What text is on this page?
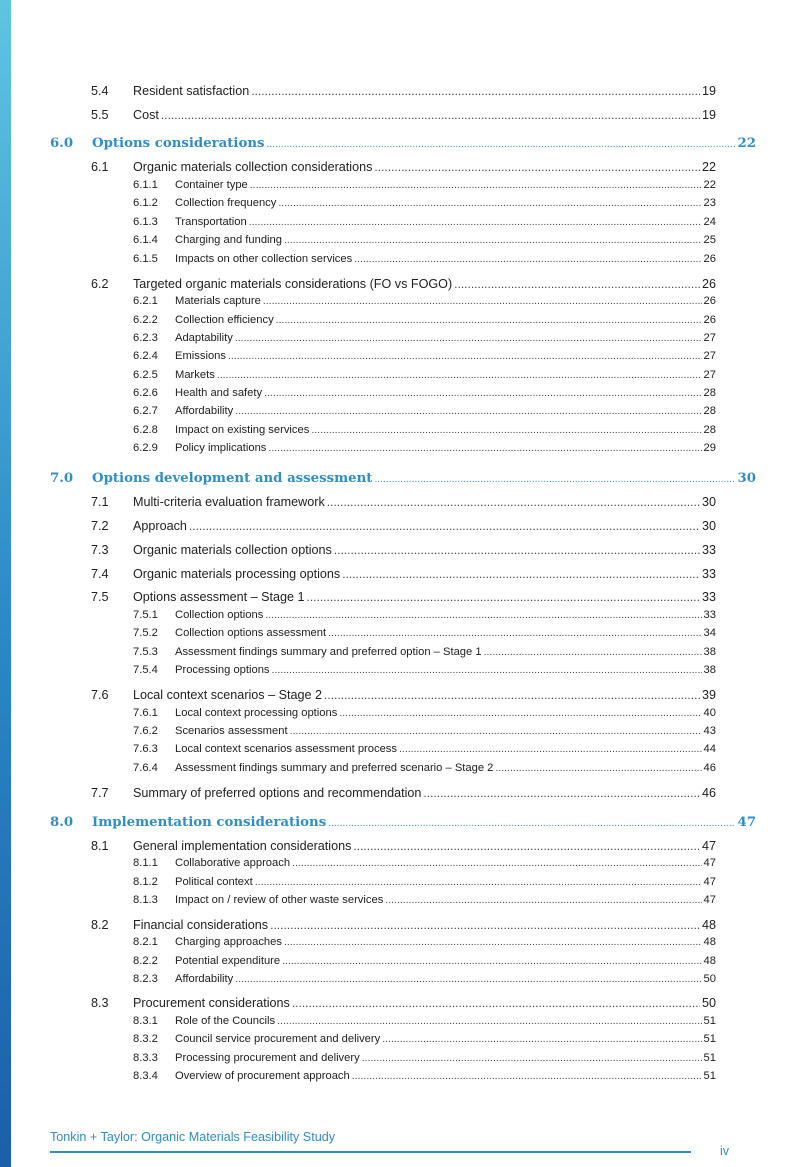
5.4	Resident satisfaction .....	19
5.5	Cost .....	19
6.0	Options considerations .....	22
6.1	Organic materials collection considerations .....	22
6.1.1	Container type .....	22
6.1.2	Collection frequency .....	23
6.1.3	Transportation .....	24
6.1.4	Charging and funding .....	25
6.1.5	Impacts on other collection services .....	26
6.2	Targeted organic materials considerations (FO vs FOGO) .....	26
6.2.1	Materials capture .....	26
6.2.2	Collection efficiency .....	26
6.2.3	Adaptability .....	27
6.2.4	Emissions .....	27
6.2.5	Markets .....	27
6.2.6	Health and safety .....	28
6.2.7	Affordability .....	28
6.2.8	Impact on existing services .....	28
6.2.9	Policy implications .....	29
7.0	Options development and assessment .....	30
7.1	Multi-criteria evaluation framework .....	30
7.2	Approach .....	30
7.3	Organic materials collection options .....	33
7.4	Organic materials processing options .....	33
7.5	Options assessment – Stage 1 .....	33
7.5.1	Collection options .....	33
7.5.2	Collection options assessment .....	34
7.5.3	Assessment findings summary and preferred option – Stage 1 .....	38
7.5.4	Processing options .....	38
7.6	Local context scenarios – Stage 2 .....	39
7.6.1	Local context processing options .....	40
7.6.2	Scenarios assessment .....	43
7.6.3	Local context scenarios assessment process .....	44
7.6.4	Assessment findings summary and preferred scenario – Stage 2 .....	46
7.7	Summary of preferred options and recommendation .....	46
8.0	Implementation considerations .....	47
8.1	General implementation considerations .....	47
8.1.1	Collaborative approach .....	47
8.1.2	Political context .....	47
8.1.3	Impact on / review of other waste services .....	47
8.2	Financial considerations .....	48
8.2.1	Charging approaches .....	48
8.2.2	Potential expenditure .....	48
8.2.3	Affordability .....	50
8.3	Procurement considerations .....	50
8.3.1	Role of the Councils .....	51
8.3.2	Council service procurement and delivery .....	51
8.3.3	Processing procurement and delivery .....	51
8.3.4	Overview of procurement approach .....	51
Tonkin + Taylor: Organic Materials Feasibility Study
iv
